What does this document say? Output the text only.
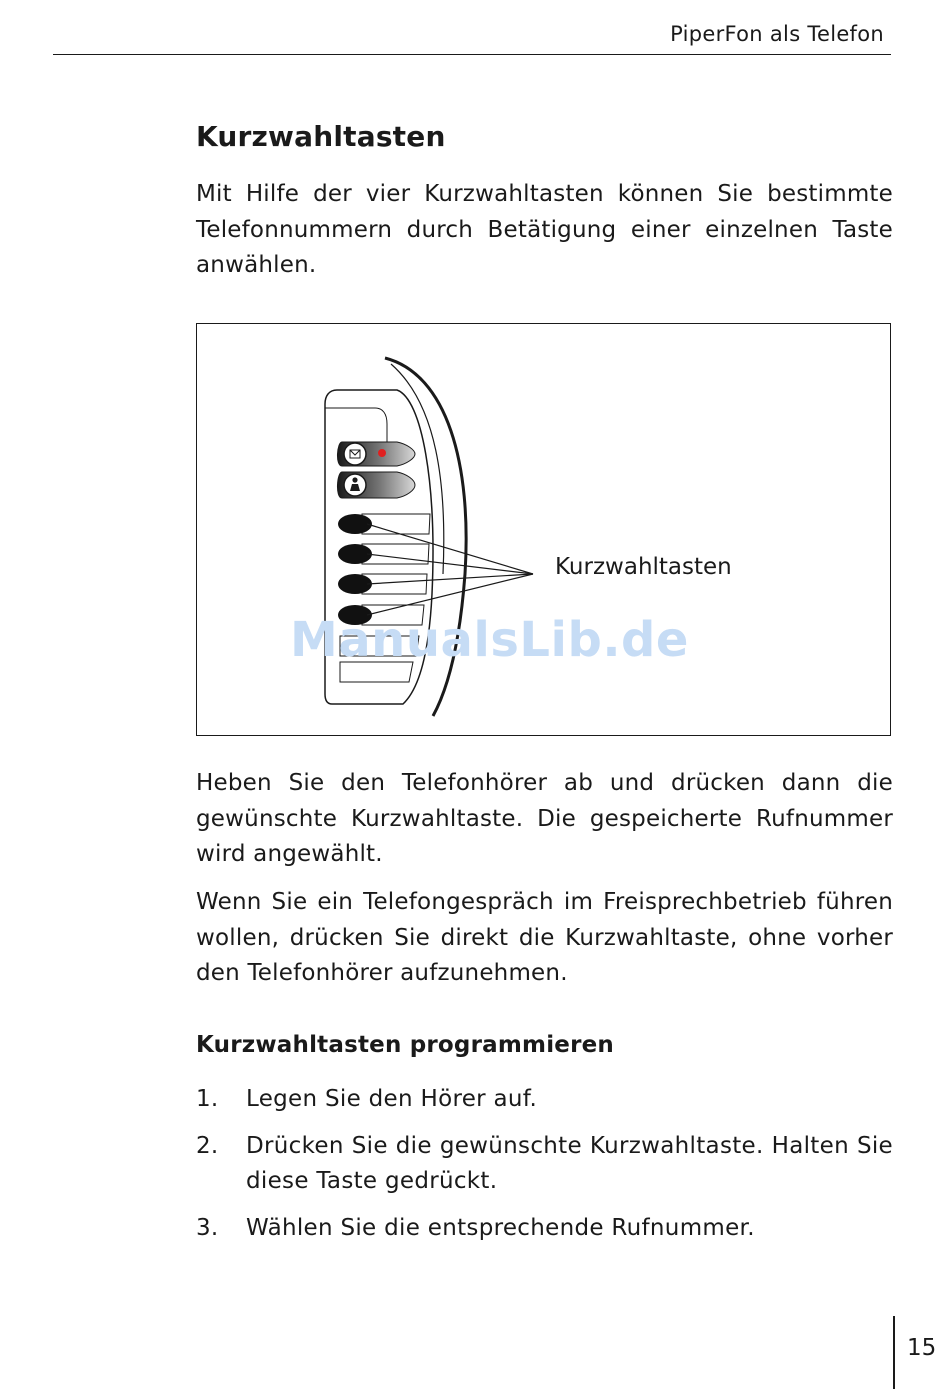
PiperFon als Telefon
Kurzwahltasten

Mit Hilfe der vier Kurzwahltasten können Sie bestimmte Telefonnummern durch Betätigung einer einzelnen Taste anwählen.

Kurzwahltasten
ManualsLib.de

Heben Sie den Telefonhörer ab und drücken dann die gewünschte Kurzwahltaste. Die gespeicherte Rufnummer wird angewählt.

Wenn Sie ein Telefongespräch im Freisprechbetrieb führen wollen, drücken Sie direkt die Kurzwahltaste, ohne vorher den Telefonhörer aufzunehmen.

Kurzwahltasten programmieren
1. Legen Sie den Hörer auf.
2. Drücken Sie die gewünschte Kurzwahltaste. Halten Sie diese Taste gedrückt.
3. Wählen Sie die entsprechende Rufnummer.
15
